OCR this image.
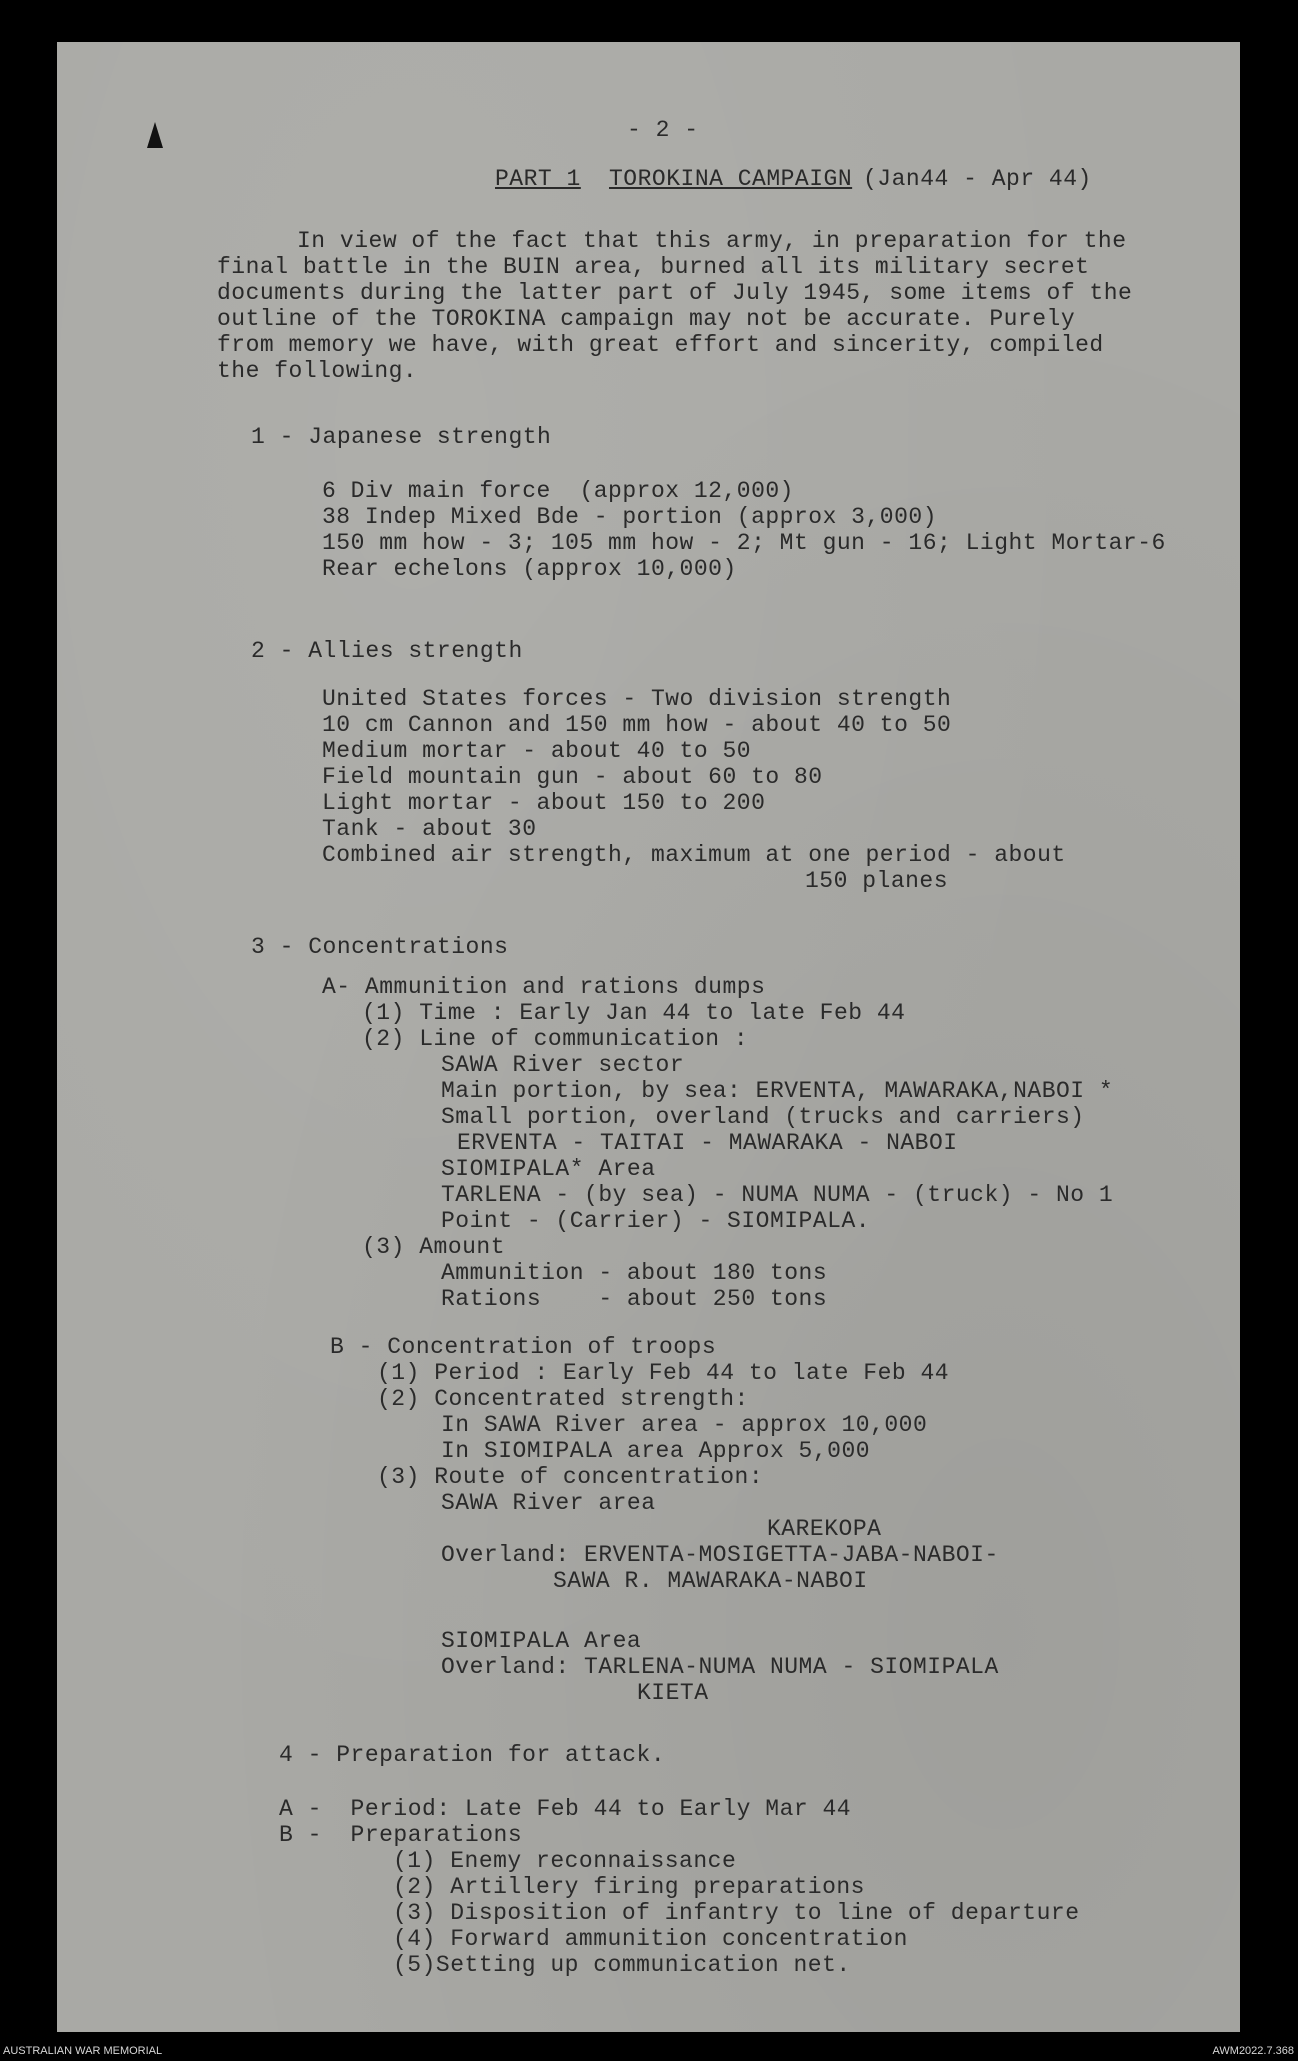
- 2 -
PART 1 TOROKINA CAMPAIGN (Jan44 - Apr 44)
In view of the fact that this army, in preparation for the
final battle in the BUIN area, burned all its military secret
documents during the latter part of July 1945, some items of the
outline of the TOROKINA campaign may not be accurate. Purely
from memory we have, with great effort and sincerity, compiled
the following.
1 - Japanese strength
6 Div main force  (approx 12,000)
38 Indep Mixed Bde - portion (approx 3,000)
150 mm how - 3; 105 mm how - 2; Mt gun - 16; Light Mortar-6
Rear echelons (approx 10,000)
2 - Allies strength
United States forces - Two division strength
10 cm Cannon and 150 mm how - about 40 to 50
Medium mortar - about 40 to 50
Field mountain gun - about 60 to 80
Light mortar - about 150 to 200
Tank - about 30
Combined air strength, maximum at one period - about
150 planes
3 - Concentrations
A- Ammunition and rations dumps
(1) Time : Early Jan 44 to late Feb 44
(2) Line of communication :
SAWA River sector
Main portion, by sea: ERVENTA, MAWARAKA,NABOI *
Small portion, overland (trucks and carriers)
ERVENTA - TAITAI - MAWARAKA - NABOI
SIOMIPALA* Area
TARLENA - (by sea) - NUMA NUMA - (truck) - No 1
Point - (Carrier) - SIOMIPALA.
(3) Amount
Ammunition - about 180 tons
Rations    - about 250 tons
B - Concentration of troops
(1) Period : Early Feb 44 to late Feb 44
(2) Concentrated strength:
In SAWA River area - approx 10,000
In SIOMIPALA area Approx 5,000
(3) Route of concentration:
SAWA River area
KAREKOPA
Overland: ERVENTA-MOSIGETTA-JABA-NABOI-
SAWA R. MAWARAKA-NABOI
SIOMIPALA Area
Overland: TARLENA-NUMA NUMA - SIOMIPALA
KIETA
4 - Preparation for attack.
A -  Period: Late Feb 44 to Early Mar 44
B -  Preparations
(1) Enemy reconnaissance
(2) Artillery firing preparations
(3) Disposition of infantry to line of departure
(4) Forward ammunition concentration
(5)Setting up communication net.
AUSTRALIAN WAR MEMORIAL	AWM2022.7.368
